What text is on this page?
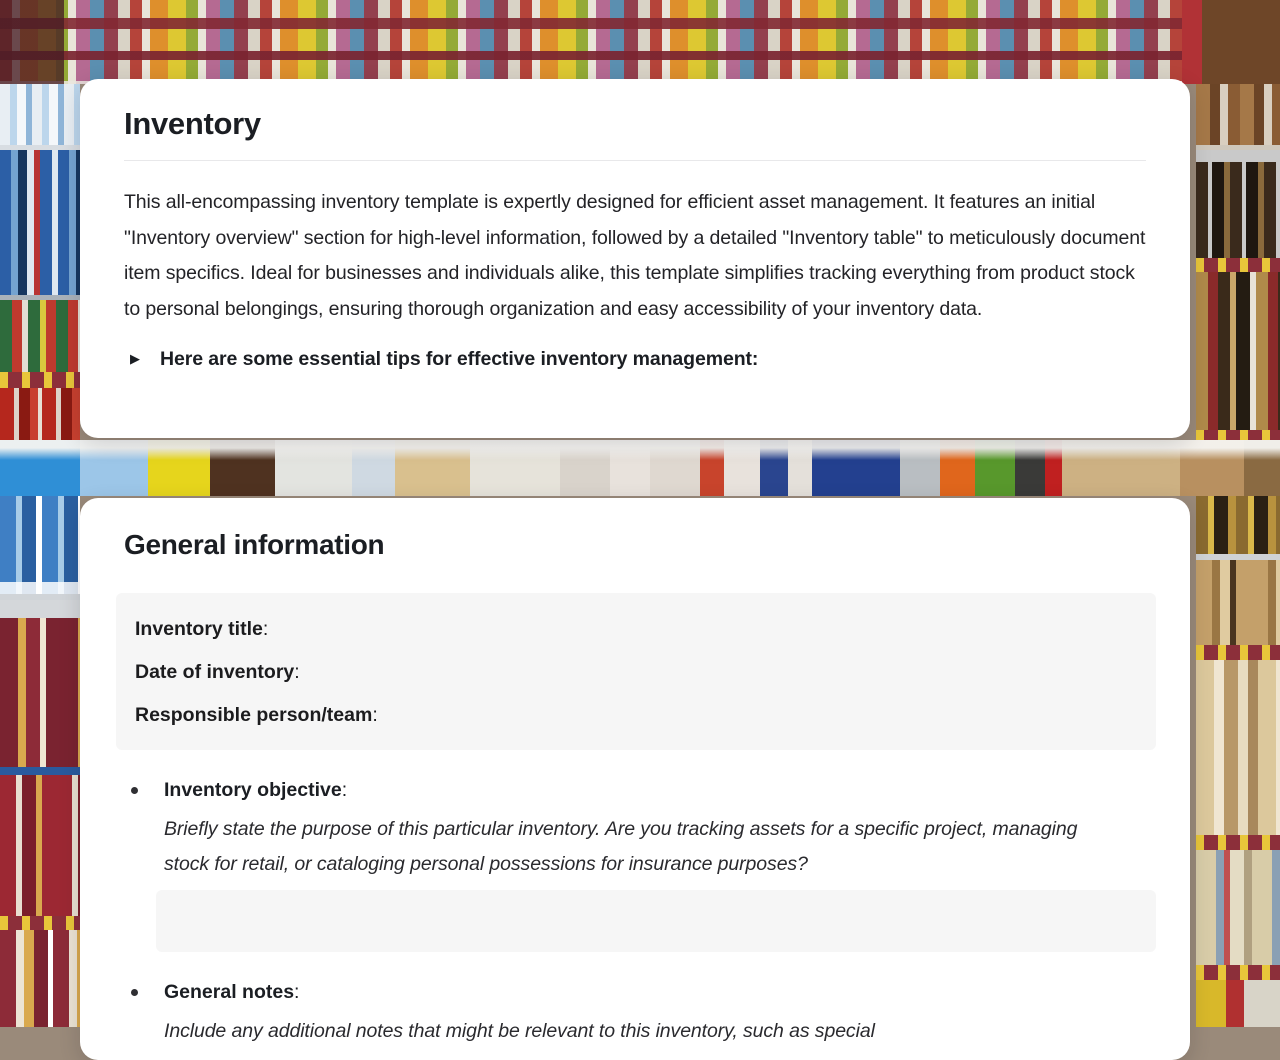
Inventory

This all-encompassing inventory template is expertly designed for efficient asset management. It features an initial "Inventory overview" section for high-level information, followed by a detailed "Inventory table" to meticulously document item specifics. Ideal for businesses and individuals alike, this template simplifies tracking everything from product stock to personal belongings, ensuring thorough organization and easy accessibility of your inventory data.

▶ Here are some essential tips for effective inventory management:
General information
Inventory title:
Date of inventory:
Responsible person/team:
Inventory objective:

Briefly state the purpose of this particular inventory. Are you tracking assets for a specific project, managing stock for retail, or cataloging personal possessions for insurance purposes?

General notes:

Include any additional notes that might be relevant to this inventory, such as special
